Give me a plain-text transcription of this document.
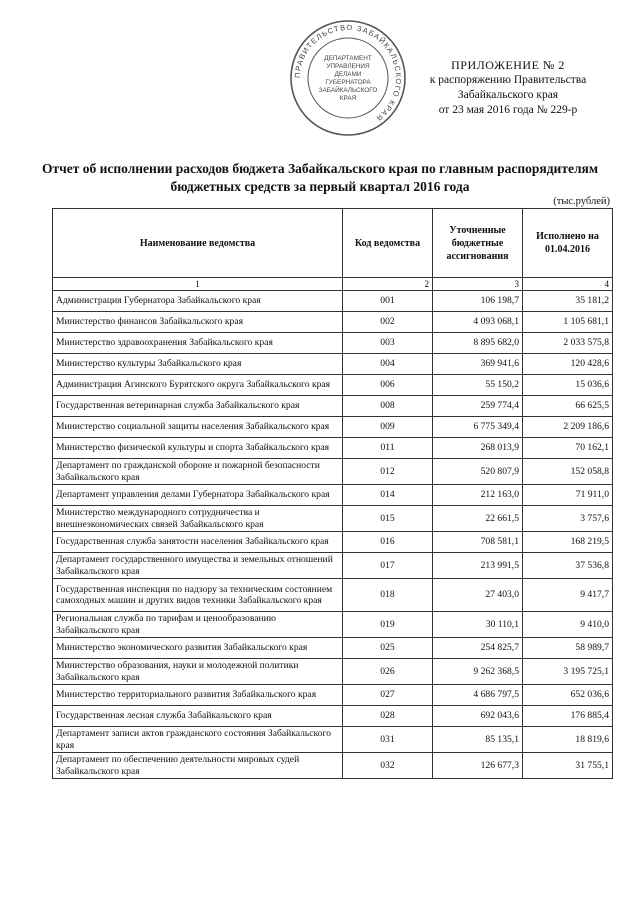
ПРАВИТЕЛЬСТВО ЗАБАЙКАЛЬСКОГО КРАЯ
ДЕПАРТАМЕНТ
УПРАВЛЕНИЯ
ДЕЛАМИ
ГУБЕРНАТОРА
ЗАБАЙКАЛЬСКОГО
КРАЯ
ПРИЛОЖЕНИЕ № 2
к распоряжению Правительства
Забайкальского края
от 23 мая 2016 года № 229-р
Отчет об исполнении расходов бюджета Забайкальского края по главным распорядителям
бюджетных средств за первый квартал 2016 года
(тыс.рублей)
Наименование ведомства	Код ведомства	Уточненные бюджетные ассигнования	Исполнено на 01.04.2016
1	2	3	4
Администрация Губернатора Забайкальского края	001	106 198,7	35 181,2
Министерство финансов Забайкальского края	002	4 093 068,1	1 105 681,1
Министерство здравоохранения Забайкальского края	003	8 895 682,0	2 033 575,8
Министерство культуры Забайкальского края	004	369 941,6	120 428,6
Администрация Агинского Бурятского округа Забайкальского края	006	55 150,2	15 036,6
Государственная ветеринарная служба Забайкальского края	008	259 774,4	66 625,5
Министерство социальной защиты населения Забайкальского края	009	6 775 349,4	2 209 186,6
Министерство физической культуры и спорта Забайкальского края	011	268 013,9	70 162,1
Департамент по гражданской обороне и пожарной безопасности Забайкальского края	012	520 807,9	152 058,8
Департамент управления делами Губернатора Забайкальского края	014	212 163,0	71 911,0
Министерство международного сотрудничества и внешнеэкономических связей Забайкальского края	015	22 661,5	3 757,6
Государственная служба занятости населения Забайкальского края	016	708 581,1	168 219,5
Департамент государственного имущества и земельных отношений Забайкальского края	017	213 991,5	37 536,8
Государственная инспекция по надзору за техническим состоянием самоходных машин и других видов техники Забайкальского края	018	27 403,0	9 417,7
Региональная служба по тарифам и ценообразованию Забайкальского края	019	30 110,1	9 410,0
Министерство экономического развития Забайкальского края	025	254 825,7	58 989,7
Министерство образования, науки и молодежной политики Забайкальского края	026	9 262 368,5	3 195 725,1
Министерство территориального развития Забайкальского края	027	4 686 797,5	652 036,6
Государственная лесная служба Забайкальского края	028	692 043,6	176 885,4
Департамент записи актов гражданского состояния Забайкальского края	031	85 135,1	18 819,6
Департамент по обеспечению деятельности мировых судей Забайкальского края	032	126 677,3	31 755,1
